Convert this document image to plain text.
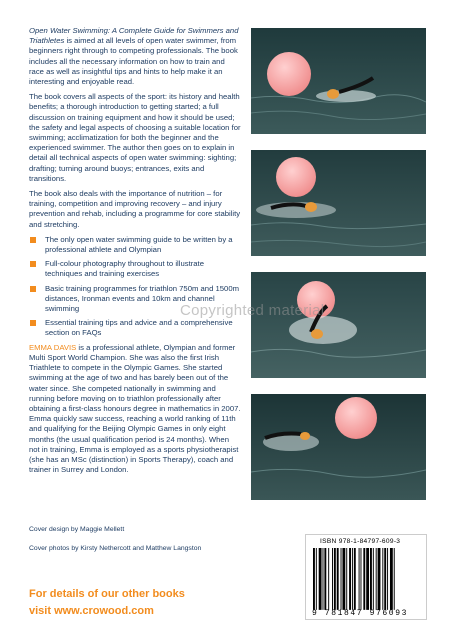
Open Water Swimming: A Complete Guide for Swimmers and Triathletes is aimed at all levels of open water swimmer, from beginners right through to competing professionals. The book includes all the necessary information on how to train and race as well as insightful tips and hints to help make it an interesting and enjoyable read.

The book covers all aspects of the sport: its history and health benefits; a thorough introduction to getting started; a full discussion on training equipment and how it should be used; the safety and legal aspects of choosing a suitable location for swimming; acclimatization for both the beginner and the experienced swimmer. The author then goes on to explain in detail all technical aspects of open water swimming: sighting; drafting; turning around buoys; entrances, exits and transitions.

The book also deals with the importance of nutrition – for training, competition and improving recovery – and injury prevention and rehab, including a programme for core stability and stretching.

The only open water swimming guide to be written by a professional athlete and Olympian
Full-colour photography throughout to illustrate techniques and training exercises
Basic training programmes for triathlon 750m and 1500m distances, Ironman events and 10km and channel swimming
Essential training tips and advice and a comprehensive section on FAQs

EMMA DAVIS is a professional athlete, Olympian and former Multi Sport World Champion. She was also the first Irish Triathlete to compete in the Olympic Games. She started swimming at the age of two and has barely been out of the water since. She competed nationally in swimming and running before moving on to triathlon professionally after obtaining a first-class honours degree in mathematics in 2007. Emma quickly saw success, reaching a world ranking of 11th and qualifying for the Beijing Olympic Games in only eight months (the usual qualification period is 24 months). When not in training, Emma is employed as a sports physiotherapist (she has an MSc (distinction) in Sports Therapy), coach and trainer in Surrey and London.

Cover design by Maggie Mellett
Cover photos by Kirsty Nethercott and Matthew Langston
For details of our other books
visit www.crowood.com
Copyrighted material
ISBN 978-1-84797-609-3
9 781847 976093
